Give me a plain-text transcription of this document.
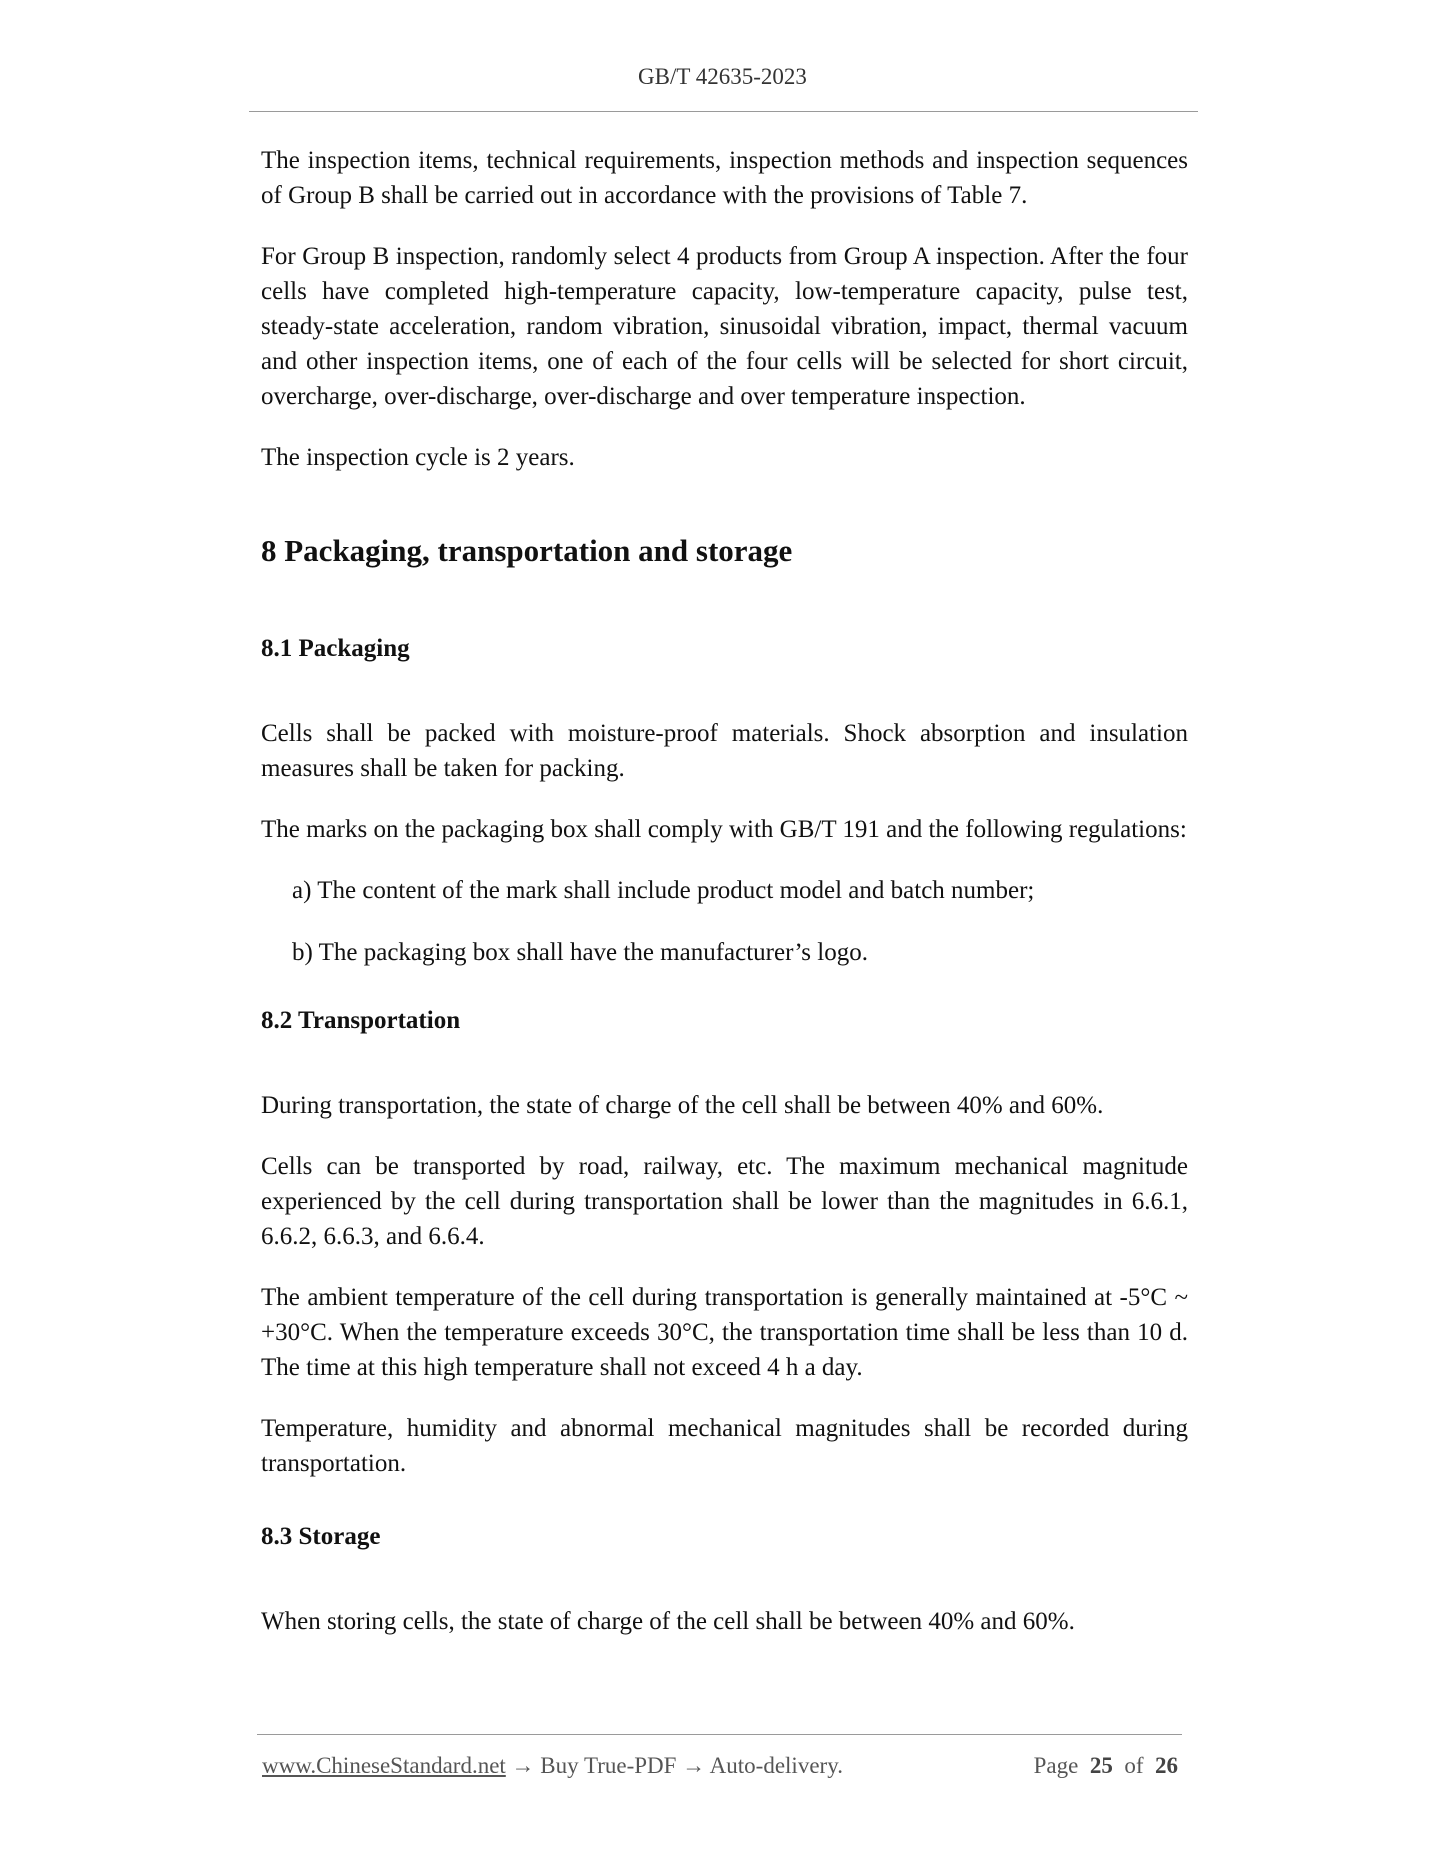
GB/T 42635-2023

The inspection items, technical requirements, inspection methods and inspection sequences of Group B shall be carried out in accordance with the provisions of Table 7.

For Group B inspection, randomly select 4 products from Group A inspection. After the four cells have completed high-temperature capacity, low-temperature capacity, pulse test, steady-state acceleration, random vibration, sinusoidal vibration, impact, thermal vacuum and other inspection items, one of each of the four cells will be selected for short circuit, overcharge, over-discharge, over-discharge and over temperature inspection.

The inspection cycle is 2 years.

8 Packaging, transportation and storage
8.1 Packaging

Cells shall be packed with moisture-proof materials. Shock absorption and insulation measures shall be taken for packing.

The marks on the packaging box shall comply with GB/T 191 and the following regulations:

a) The content of the mark shall include product model and batch number;

b) The packaging box shall have the manufacturer’s logo.

8.2 Transportation

During transportation, the state of charge of the cell shall be between 40% and 60%.

Cells can be transported by road, railway, etc. The maximum mechanical magnitude experienced by the cell during transportation shall be lower than the magnitudes in 6.6.1, 6.6.2, 6.6.3, and 6.6.4.

The ambient temperature of the cell during transportation is generally maintained at -5°C ~ +30°C. When the temperature exceeds 30°C, the transportation time shall be less than 10 d. The time at this high temperature shall not exceed 4 h a day.

Temperature, humidity and abnormal mechanical magnitudes shall be recorded during transportation.

8.3 Storage

When storing cells, the state of charge of the cell shall be between 40% and 60%.

www.ChineseStandard.net → Buy True-PDF → Auto-delivery.	Page 25 of 26
